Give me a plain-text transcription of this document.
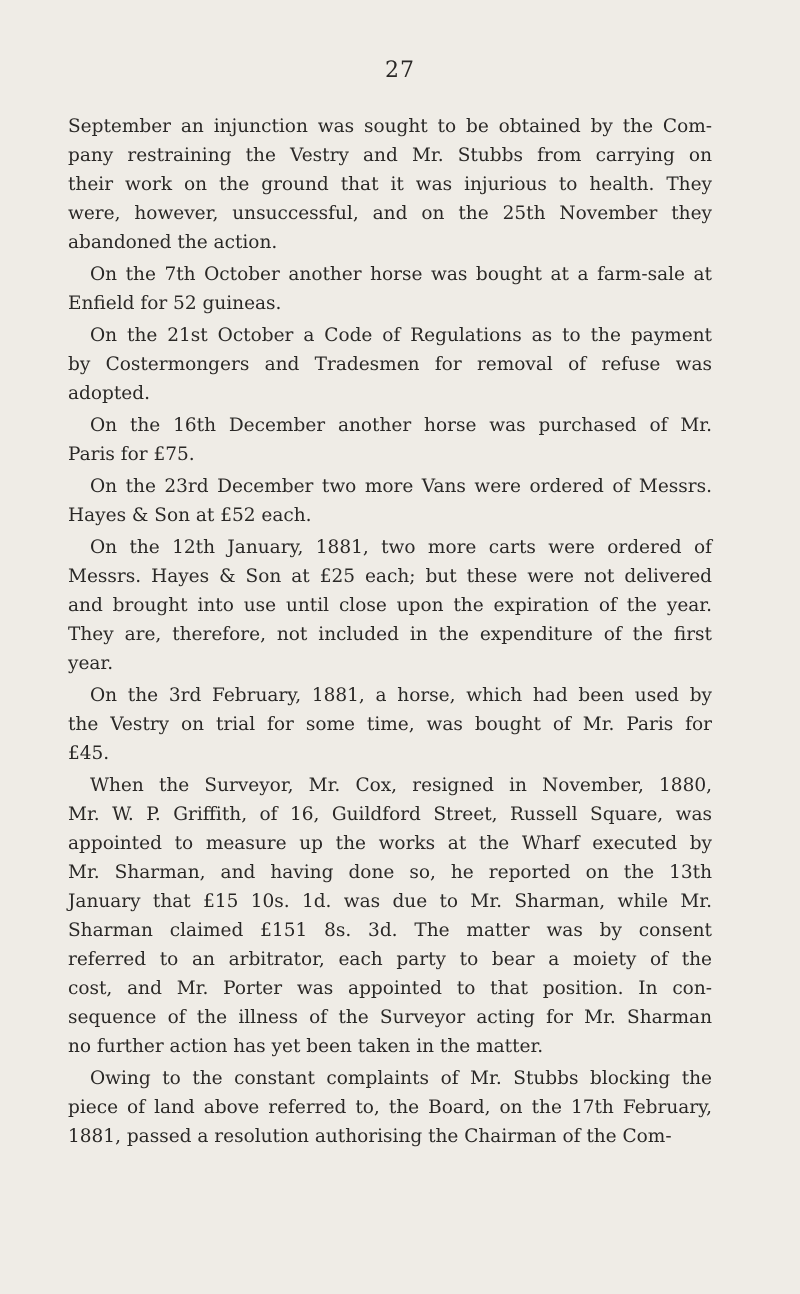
27
September an injunction was sought to be obtained by the Com-
pany restraining the Vestry and Mr. Stubbs from carrying on
their work on the ground that it was injurious to health. They
were, however, unsuccessful, and on the 25th November they
abandoned the action.
On the 7th October another horse was bought at a farm-sale at
Enfield for 52 guineas.
On the 21st October a Code of Regulations as to the payment
by Costermongers and Tradesmen for removal of refuse was
adopted.
On the 16th December another horse was purchased of Mr.
Paris for £75.
On the 23rd December two more Vans were ordered of Messrs.
Hayes & Son at £52 each.
On the 12th January, 1881, two more carts were ordered of
Messrs. Hayes & Son at £25 each; but these were not delivered
and brought into use until close upon the expiration of the year.
They are, therefore, not included in the expenditure of the first
year.
On the 3rd February, 1881, a horse, which had been used by
the Vestry on trial for some time, was bought of Mr. Paris for
£45.
When the Surveyor, Mr. Cox, resigned in November, 1880,
Mr. W. P. Griffith, of 16, Guildford Street, Russell Square, was
appointed to measure up the works at the Wharf executed by
Mr. Sharman, and having done so, he reported on the 13th
January that £15 10s. 1d. was due to Mr. Sharman, while Mr.
Sharman claimed £151 8s. 3d. The matter was by consent
referred to an arbitrator, each party to bear a moiety of the
cost, and Mr. Porter was appointed to that position. In con-
sequence of the illness of the Surveyor acting for Mr. Sharman
no further action has yet been taken in the matter.
Owing to the constant complaints of Mr. Stubbs blocking the
piece of land above referred to, the Board, on the 17th February,
1881, passed a resolution authorising the Chairman of the Com-
